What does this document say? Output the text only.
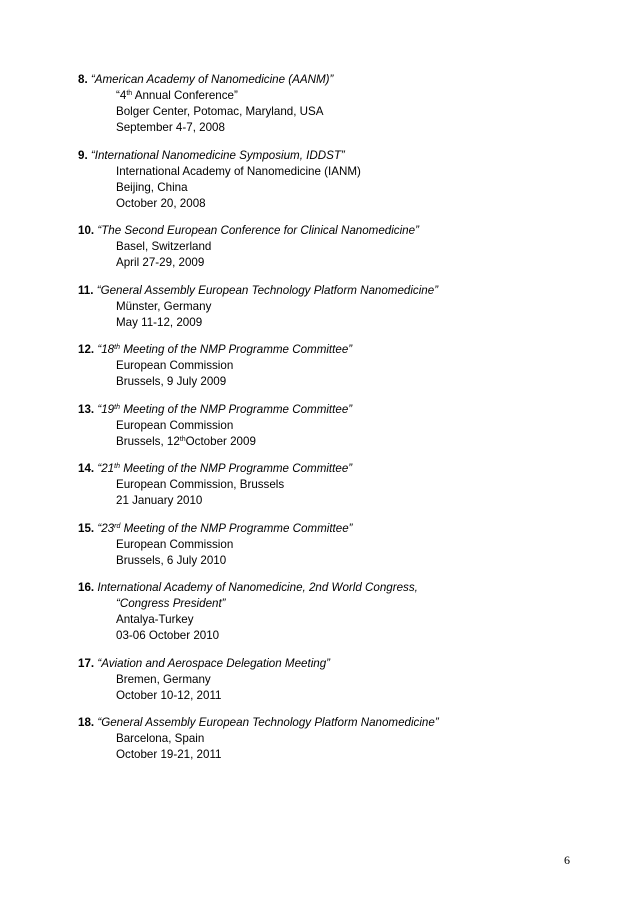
8. “American Academy of Nanomedicine (AANM)”
“4th Annual Conference”
Bolger Center, Potomac, Maryland, USA
September 4-7, 2008
9. “International Nanomedicine Symposium, IDDST”
International Academy of Nanomedicine (IANM)
Beijing, China
October 20, 2008
10. “The Second European Conference for Clinical Nanomedicine”
Basel, Switzerland
April 27-29, 2009
11. “General Assembly European Technology Platform Nanomedicine”
Münster, Germany
May 11-12, 2009
12. “18th Meeting of the NMP Programme Committee”
European Commission
Brussels, 9 July 2009
13. “19th Meeting of the NMP Programme Committee”
European Commission
Brussels, 12thOctober 2009
14. “21th Meeting of the NMP Programme Committee”
European Commission, Brussels
21 January 2010
15. “23rd Meeting of the NMP Programme Committee”
European Commission
Brussels, 6 July 2010
16. International Academy of Nanomedicine, 2nd World Congress,
“Congress President”
Antalya-Turkey
03-06 October 2010
17. “Aviation and Aerospace Delegation Meeting”
Bremen, Germany
October 10-12, 2011
18. “General Assembly European Technology Platform Nanomedicine”
Barcelona, Spain
October 19-21, 2011
6
